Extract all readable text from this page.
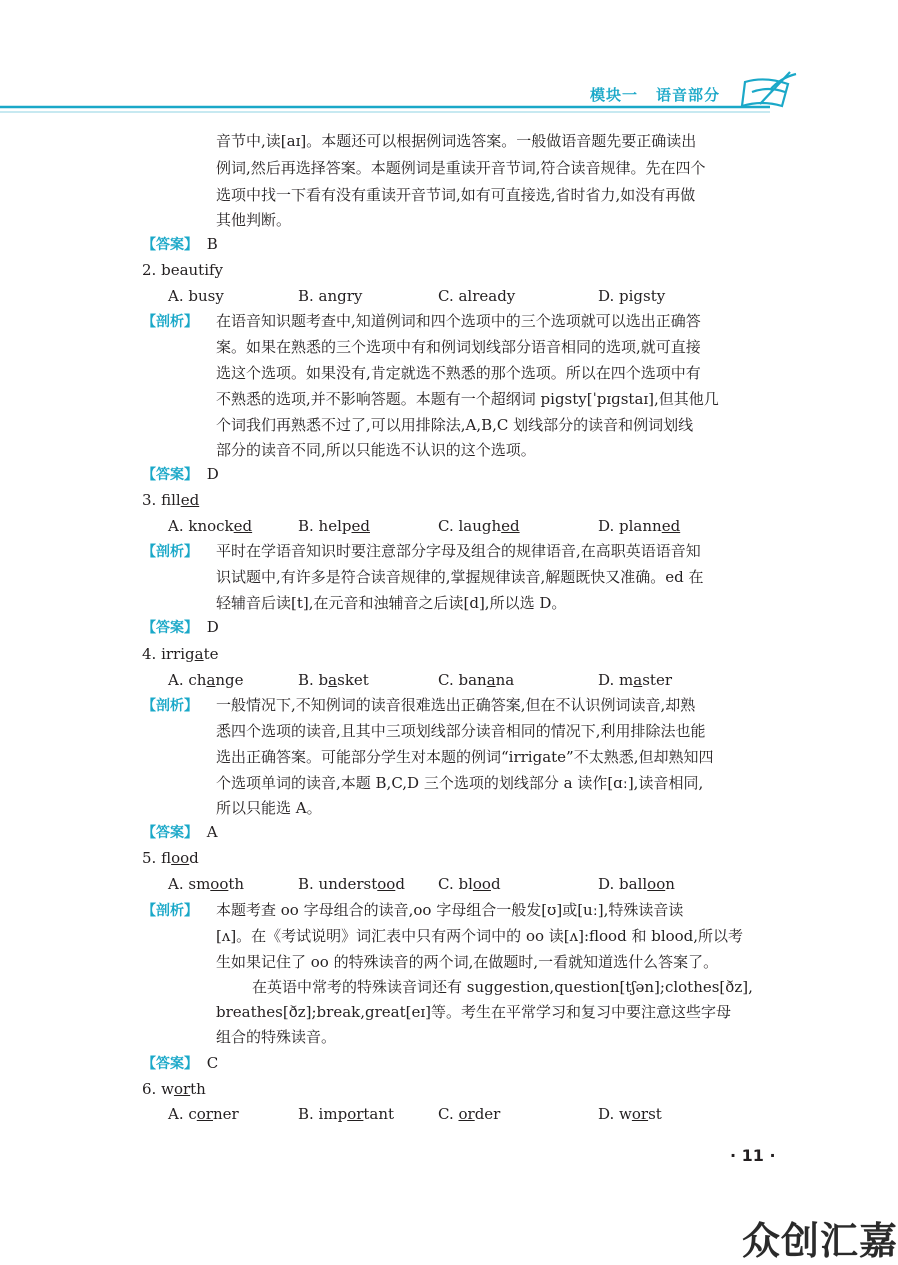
模块一 语音部分
音节中,读[aɪ]。本题还可以根据例词选答案。一般做语音题先要正确读出
例词,然后再选择答案。本题例词是重读开音节词,符合读音规律。先在四个
选项中找一下看有没有重读开音节词,如有可直接选,省时省力,如没有再做
其他判断。
【答案】 B
2. beautify
A. busy	B. angry	C. already	D. pigsty
【剖析】 在语音知识题考查中,知道例词和四个选项中的三个选项就可以选出正确答
案。如果在熟悉的三个选项中有和例词划线部分语音相同的选项,就可直接
选这个选项。如果没有,肯定就选不熟悉的那个选项。所以在四个选项中有
不熟悉的选项,并不影响答题。本题有一个超纲词 pigsty[ˈpɪɡstaɪ],但其他几
个词我们再熟悉不过了,可以用排除法,A,B,C 划线部分的读音和例词划线
部分的读音不同,所以只能选不认识的这个选项。
【答案】 D
3. filled
A. knocked	B. helped	C. laughed	D. planned
【剖析】 平时在学语音知识时要注意部分字母及组合的规律语音,在高职英语语音知
识试题中,有许多是符合读音规律的,掌握规律读音,解题既快又准确。ed 在
轻辅音后读[t],在元音和浊辅音之后读[d],所以选 D。
【答案】 D
4. irrigate
A. change	B. basket	C. banana	D. master
【剖析】 一般情况下,不知例词的读音很难选出正确答案,但在不认识例词读音,却熟
悉四个选项的读音,且其中三项划线部分读音相同的情况下,利用排除法也能
选出正确答案。可能部分学生对本题的例词“irrigate”不太熟悉,但却熟知四
个选项单词的读音,本题 B,C,D 三个选项的划线部分 a 读作[ɑː],读音相同,
所以只能选 A。
【答案】 A
5. flood
A. smooth	B. understood C. blood	D. balloon
【剖析】 本题考查 oo 字母组合的读音,oo 字母组合一般发[ʊ]或[uː],特殊读音读
[ʌ]。在《考试说明》词汇表中只有两个词中的 oo 读[ʌ]:flood 和 blood,所以考
生如果记住了 oo 的特殊读音的两个词,在做题时,一看就知道选什么答案了。
在英语中常考的特殊读音词还有 suggestion,question[tʃən];clothes[ðz],
breathes[ðz];break,great[eɪ]等。考生在平常学习和复习中要注意这些字母
组合的特殊读音。
【答案】 C
6. worth
A. corner	B. important	C. order	D. worst
· 11 ·
众创汇嘉
